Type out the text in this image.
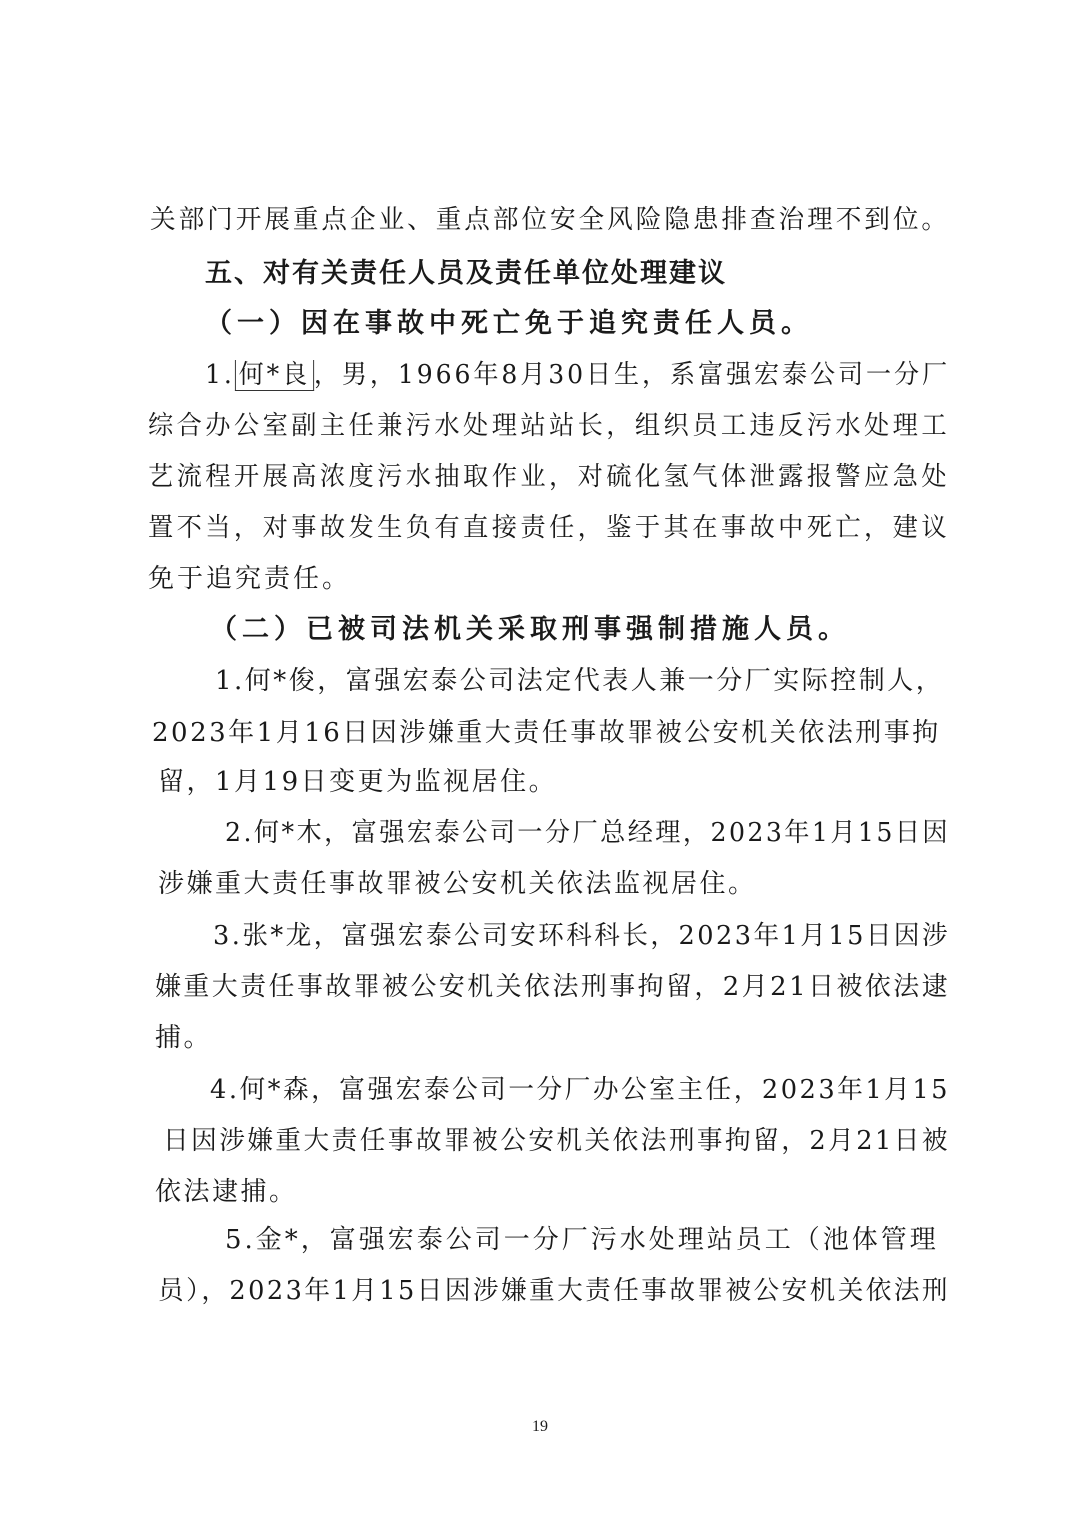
关部门开展重点企业、重点部位安全风险隐患排查治理不到位。
五、对有关责任人员及责任单位处理建议
（一）因在事故中死亡免于追究责任人员。
1. 何*良 ，男，1966年8月30日生，系富强宏泰公司一分厂
综合办公室副主任兼污水处理站站长，组织员工违反污水处理工
艺流程开展高浓度污水抽取作业，对硫化氢气体泄露报警应急处
置不当，对事故发生负有直接责任，鉴于其在事故中死亡，建议
免于追究责任。
（二）已被司法机关采取刑事强制措施人员。
1.何*俊，富强宏泰公司法定代表人兼一分厂实际控制人，
2023年1月16日因涉嫌重大责任事故罪被公安机关依法刑事拘
留，1月19日变更为监视居住。
2.何*木，富强宏泰公司一分厂总经理，2023年1月15日因
涉嫌重大责任事故罪被公安机关依法监视居住。
3.张*龙，富强宏泰公司安环科科长，2023年1月15日因涉
嫌重大责任事故罪被公安机关依法刑事拘留，2月21日被依法逮
捕。
4.何*森，富强宏泰公司一分厂办公室主任，2023年1月15
日因涉嫌重大责任事故罪被公安机关依法刑事拘留，2月21日被
依法逮捕。
5.金*，富强宏泰公司一分厂污水处理站员工（池体管理
员），2023年1月15日因涉嫌重大责任事故罪被公安机关依法刑
19
